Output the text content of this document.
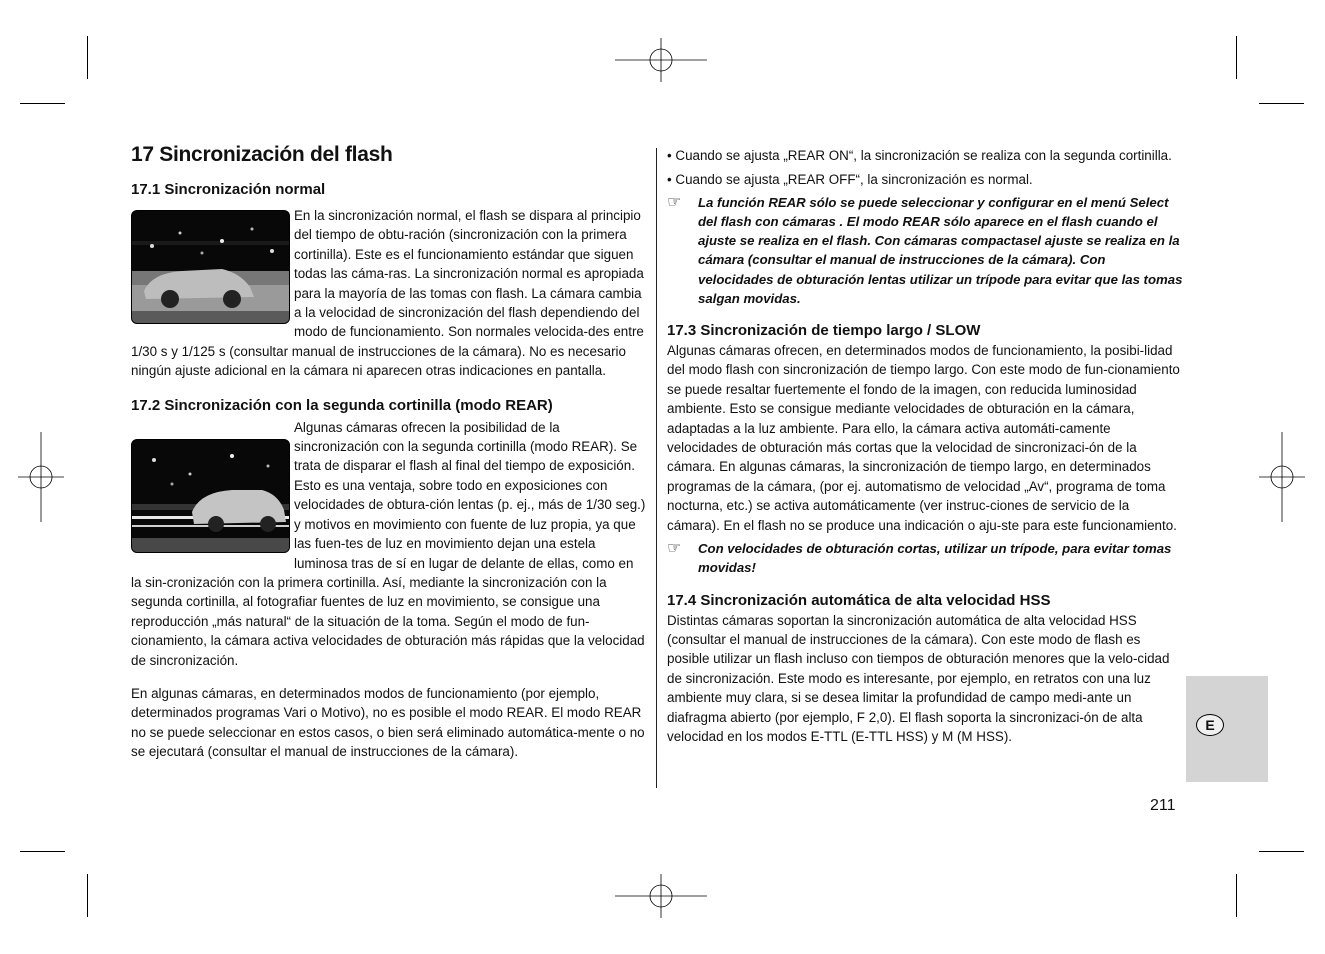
17 Sincronización del flash
17.1 Sincronización normal

En la sincronización normal, el flash se dispara al principio del tiempo de obtu-ración (sincronización con la primera cortinilla). Este es el funcionamiento estándar que siguen todas las cáma-ras. La sincronización normal es apropiada para la mayoría de las tomas con flash. La cámara cambia a la velocidad de sincronización del flash dependiendo del modo de funcionamiento. Son normales velocida-des entre 1/30 s y 1/125 s (consultar manual de instrucciones de la cámara). No es necesario ningún ajuste adicional en la cámara ni aparecen otras indicaciones en pantalla.

17.2 Sincronización con la segunda cortinilla (modo REAR)

Algunas cámaras ofrecen la posibilidad de la sincronización con la segunda cortinilla (modo REAR). Se trata de disparar el flash al final del tiempo de exposición. Esto es una ventaja, sobre todo en exposiciones con velocidades de obtura-ción lentas (p. ej., más de 1/30 seg.) y motivos en movimiento con fuente de luz propia, ya que las fuen-tes de luz en movimiento dejan una estela luminosa tras de sí en lugar de delante de ellas, como en la sin-cronización con la primera cortinilla. Así, mediante la sincronización con la segunda cortinilla, al fotografiar fuentes de luz en movimiento, se consigue una reproducción „más natural“ de la situación de la toma. Según el modo de fun-cionamiento, la cámara activa velocidades de obturación más rápidas que la velocidad de sincronización.

En algunas cámaras, en determinados modos de funcionamiento (por ejemplo, determinados programas Vari o Motivo), no es posible el modo REAR. El modo REAR no se puede seleccionar en estos casos, o bien será eliminado automática-mente o no se ejecutará (consultar el manual de instrucciones de la cámara).

• Cuando se ajusta „REAR ON“, la sincronización se realiza con la segunda cortinilla.

• Cuando se ajusta „REAR OFF“, la sincronización es normal.

☞	La función REAR sólo se puede seleccionar y configurar en el menú Select del flash con cámaras . El modo REAR sólo aparece en el flash cuando el ajuste se realiza en el flash. Con cámaras compactasel ajuste se realiza en la cámara (consultar el manual de instrucciones de la cámara). Con velocidades de obturación lentas utilizar un trípode para evitar que las tomas salgan movidas.
17.3 Sincronización de tiempo largo / SLOW

Algunas cámaras ofrecen, en determinados modos de funcionamiento, la posibi-lidad del modo flash con sincronización de tiempo largo. Con este modo de fun-cionamiento se puede resaltar fuertemente el fondo de la imagen, con reducida luminosidad ambiente. Esto se consigue mediante velocidades de obturación en la cámara, adaptadas a la luz ambiente. Para ello, la cámara activa automáti-camente velocidades de obturación más cortas que la velocidad de sincronizaci-ón de la cámara. En algunas cámaras, la sincronización de tiempo largo, en determinados programas de la cámara, (por ej. automatismo de velocidad „Av“, programa de toma nocturna, etc.) se activa automáticamente (ver instruc-ciones de servicio de la cámara). En el flash no se produce una indicación o aju-ste para este funcionamiento.

☞	Con velocidades de obturación cortas, utilizar un trípode, para evitar tomas movidas!
17.4 Sincronización automática de alta velocidad HSS

Distintas cámaras soportan la sincronización automática de alta velocidad HSS (consultar el manual de instrucciones de la cámara). Con este modo de flash es posible utilizar un flash incluso con tiempos de obturación menores que la velo-cidad de sincronización. Este modo es interesante, por ejemplo, en retratos con una luz ambiente muy clara, si se desea limitar la profundidad de campo medi-ante un diafragma abierto (por ejemplo, F 2,0). El flash soporta la sincronizaci-ón de alta velocidad en los modos E-TTL (E-TTL HSS) y M (M HSS).

E
211
